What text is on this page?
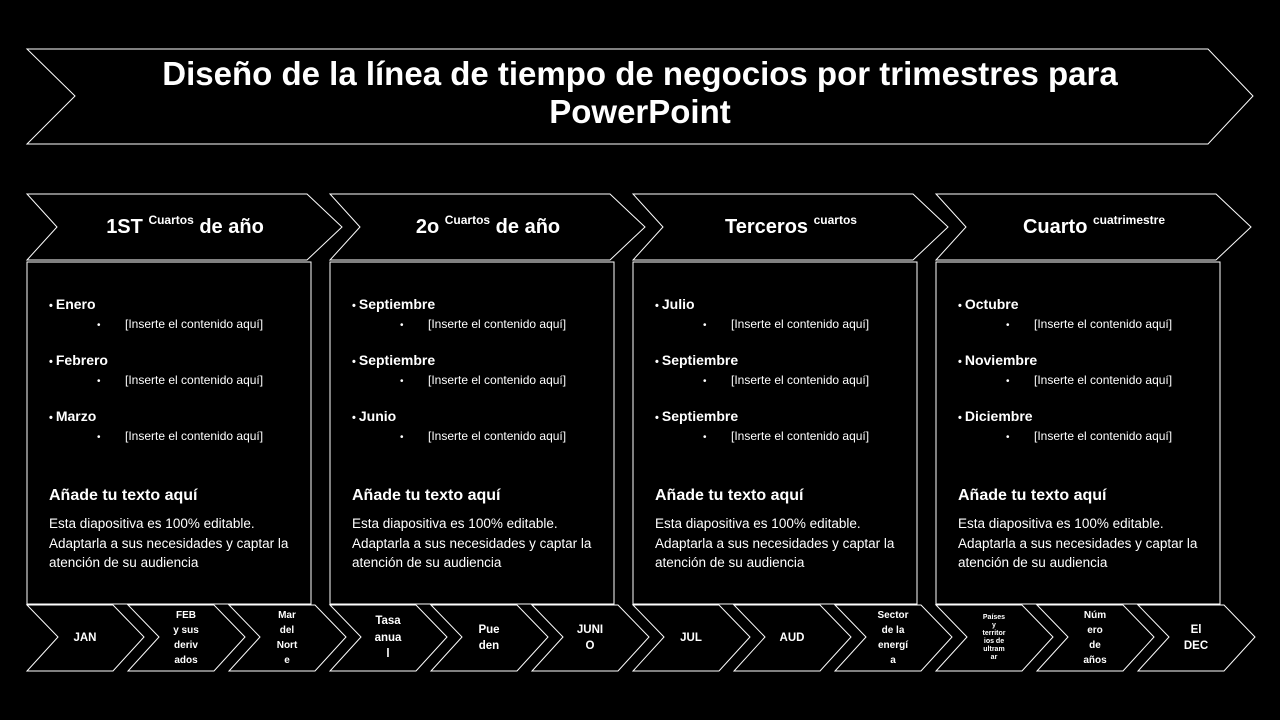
Diseño de la línea de tiempo de negocios por trimestres para PowerPoint
1ST $^{Cuartos}$ de año
• Enero
• [Inserte el contenido aquí]
• Febrero
• [Inserte el contenido aquí]
• Marzo
• [Inserte el contenido aquí]
Añade tu texto aquí
Esta diapositiva es 100% editable. Adaptarla a sus necesidades y captar la atención de su audiencia
JAN
FEB
y sus
deriv
ados
Mar
del
Nort
e
2o $^{Cuartos}$ de año
• Septiembre
• [Inserte el contenido aquí]
• Septiembre
• [Inserte el contenido aquí]
• Junio
• [Inserte el contenido aquí]
Añade tu texto aquí
Esta diapositiva es 100% editable. Adaptarla a sus necesidades y captar la atención de su audiencia
Tasa
anua
l
Pue
den
JUNI
O
Terceros $^{cuartos}$
• Julio
• [Inserte el contenido aquí]
• Septiembre
• [Inserte el contenido aquí]
• Septiembre
• [Inserte el contenido aquí]
Añade tu texto aquí
Esta diapositiva es 100% editable. Adaptarla a sus necesidades y captar la atención de su audiencia
JUL	AUD
Sector
de la
energí
a
Cuarto $^{cuatrimestre}$
• Octubre
• [Inserte el contenido aquí]
• Noviembre
• [Inserte el contenido aquí]
• Diciembre
• [Inserte el contenido aquí]
Añade tu texto aquí
Esta diapositiva es 100% editable. Adaptarla a sus necesidades y captar la atención de su audiencia
Países
y
territor
ios de
ultram
ar
Núm
ero
de
años
El
DEC
